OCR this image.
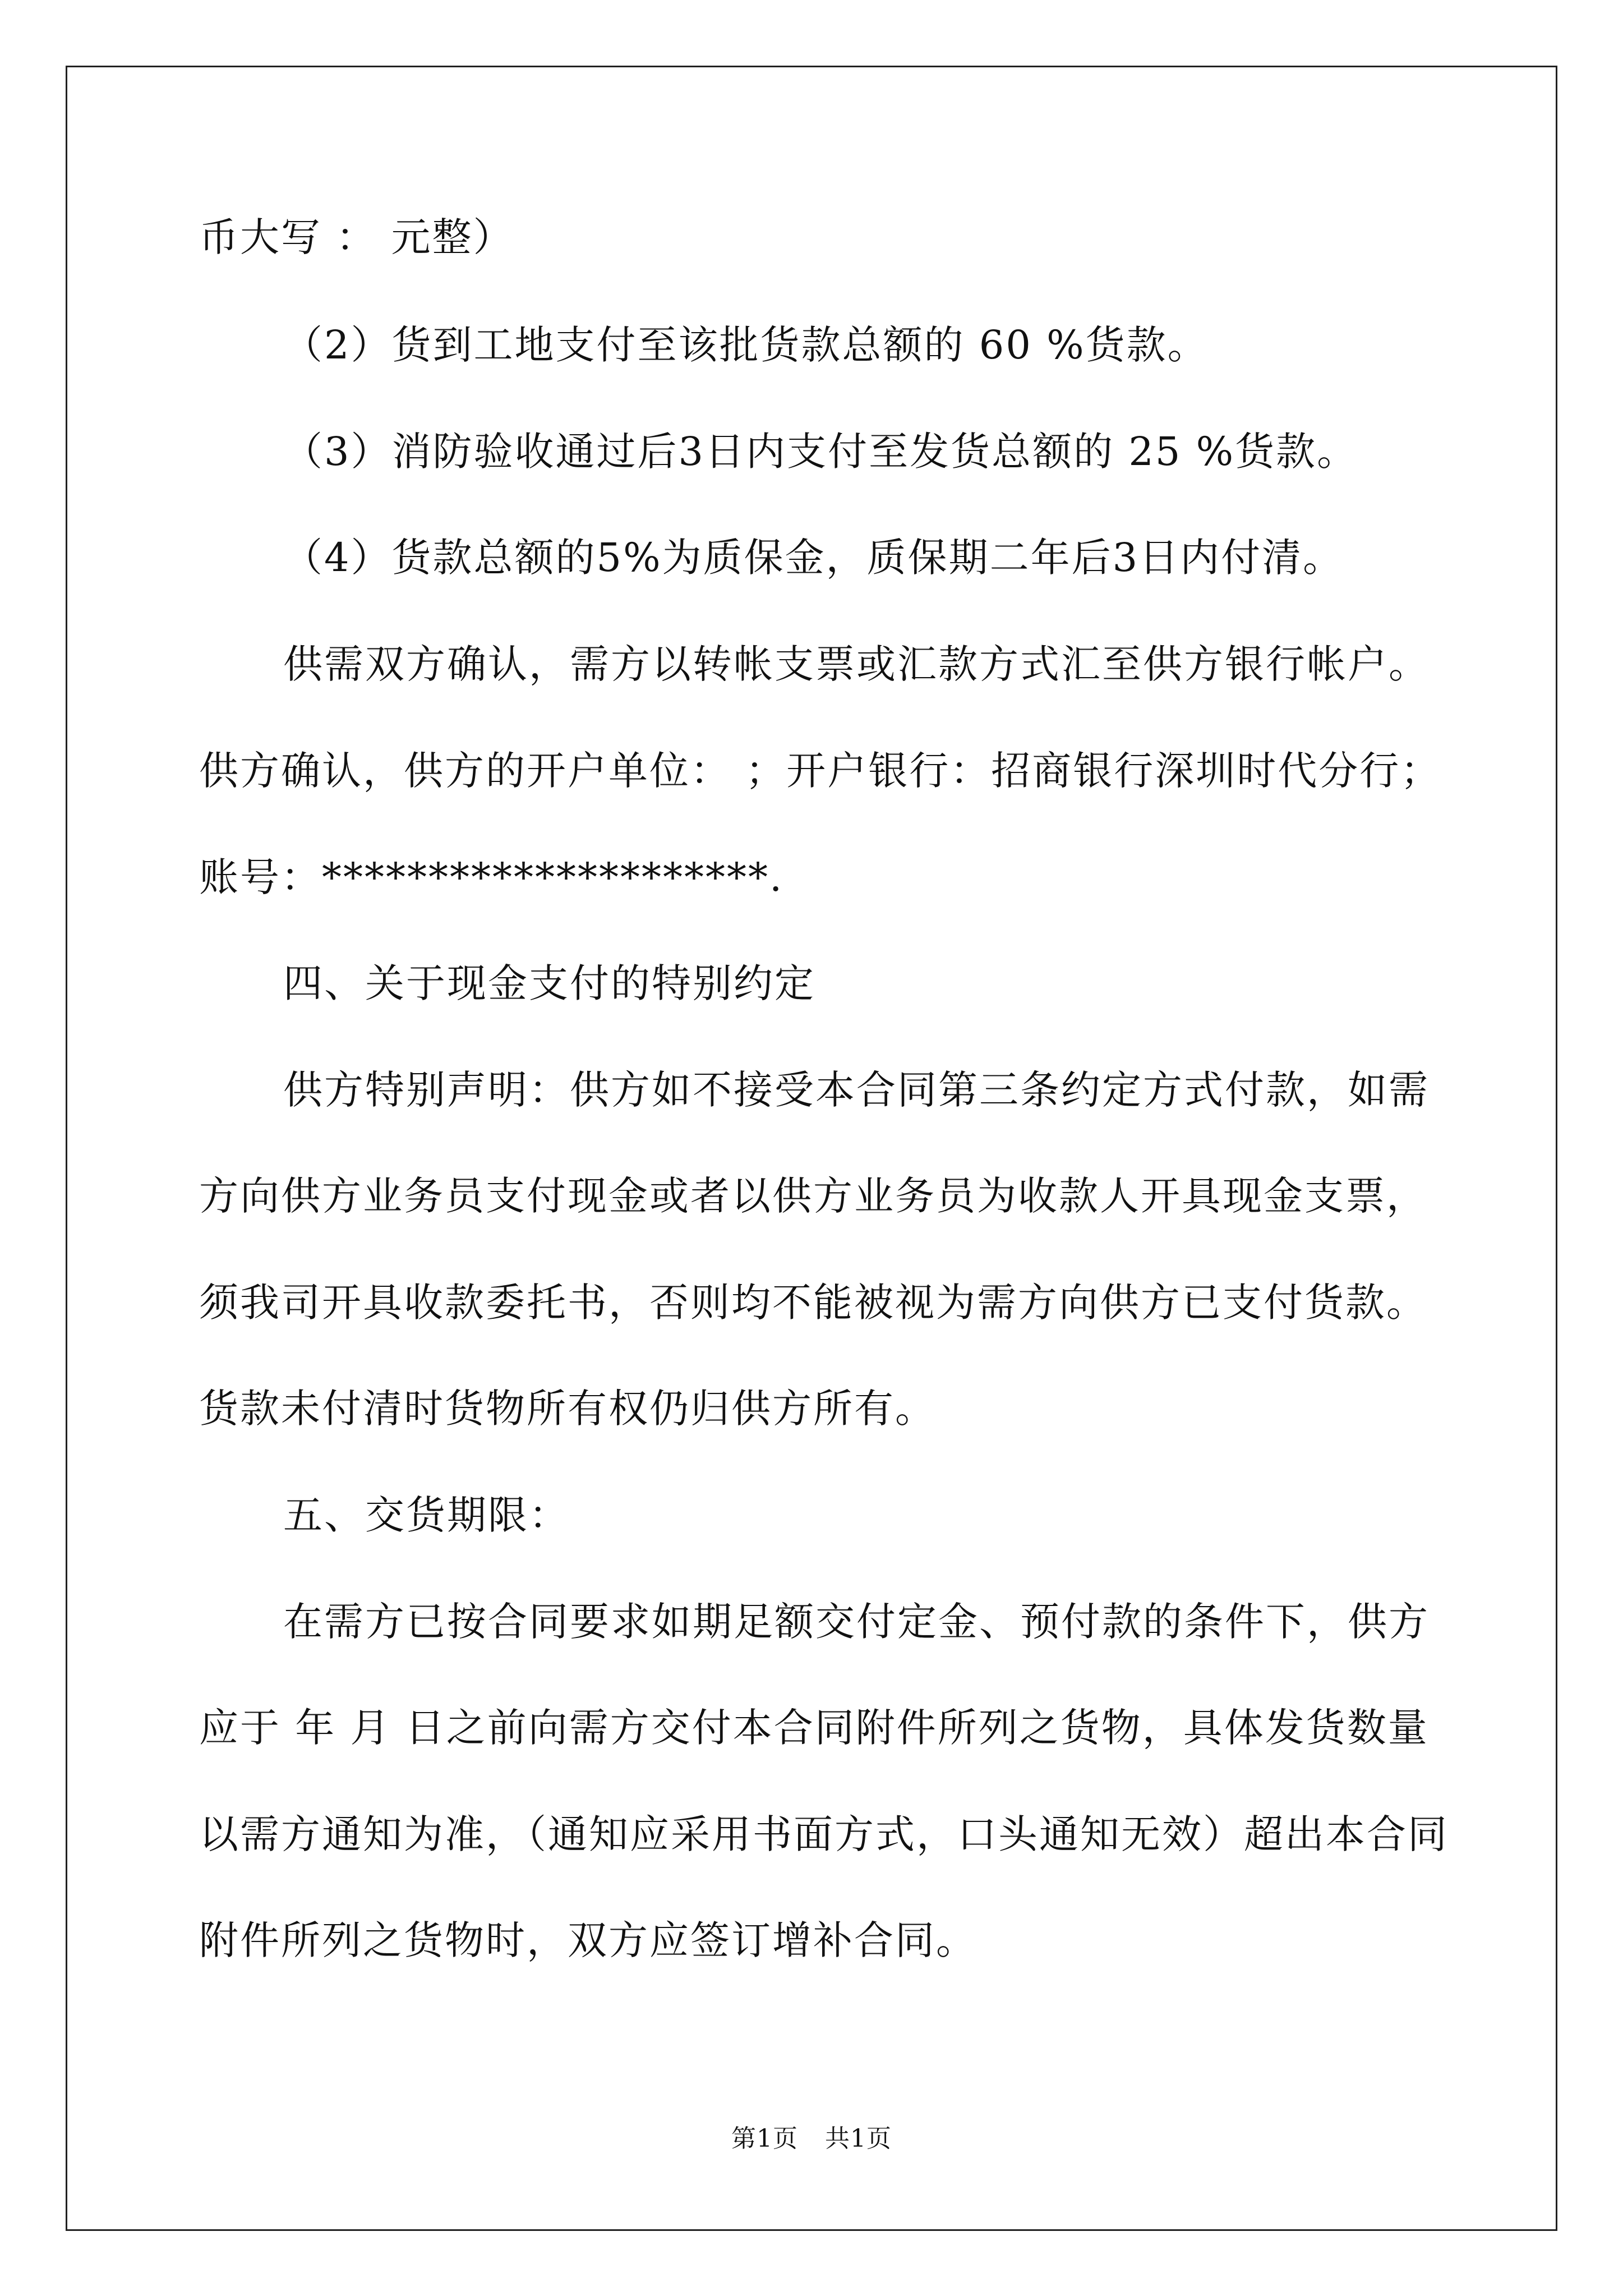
币大写 ： 元整）
（2）货到工地支付至该批货款总额的 60 %货款。
（3）消防验收通过后3日内支付至发货总额的 25 %货款。
（4）货款总额的5%为质保金，质保期二年后3日内付清。
供需双方确认，需方以转帐支票或汇款方式汇至供方银行帐户。
供方确认，供方的开户单位： ；开户银行：招商银行深圳时代分行；
账号：*********************.
四、关于现金支付的特别约定
供方特别声明：供方如不接受本合同第三条约定方式付款，如需
方向供方业务员支付现金或者以供方业务员为收款人开具现金支票，
须我司开具收款委托书，否则均不能被视为需方向供方已支付货款。
货款未付清时货物所有权仍归供方所有。
五、交货期限：
在需方已按合同要求如期足额交付定金、预付款的条件下，供方
应于 年 月 日之前向需方交付本合同附件所列之货物，具体发货数量
以需方通知为准，（通知应采用书面方式，口头通知无效）超出本合同
附件所列之货物时，双方应签订增补合同。
第1页 共1页
